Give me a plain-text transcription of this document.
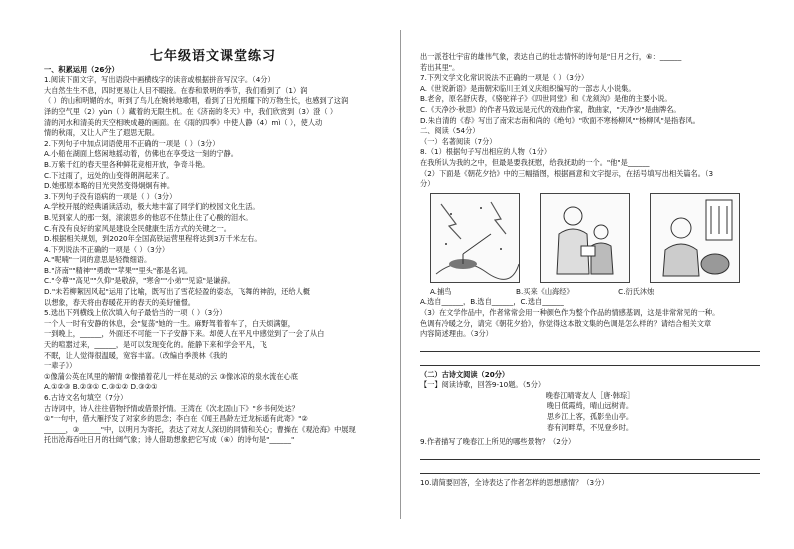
七年级语文课堂练习
一、积累运用（26分）
1.阅读下面文字，写出语段中画横线字的读音或根据拼音写汉字。（4分）
大自然生生不息，四时更易让人目不暇接。在春和景明的季节，我们看到了（1）润
（ ）的山和明媚的水，听到了鸟儿在婉转地歌唱，看到了日光照耀下的万物生长，也感到了这润
泽的空气里（2）yùn（ ）藏着的无限生机。在《济南的冬天》中，我们欣赏到（3）澄（ ）
清的河水和清美的天空相映成趣的画面。在《雨的四季》中使人静（4）mì（ ），使人动
情的秋雨，又让人产生了遐思无限。
2.下列句子中加点词语使用不正确的一项是（ ）（3分）
A.小船在湖面上悠闲地摇动着，仿佛也在享受这一刻的宁静。
B.万紫千红的春天里各种鲜花竞相开放，争奇斗艳。
C.下过雨了，远处的山变得朗润起来了。
D.她那原本略的目光突然变得炯炯有神。
3.下列句子没有语病的一项是（ ）（3分）
A.学校开展的经典诵读活动，极大地丰富了同学们的校园文化生活。
B.见到家人的那一刻，滚滚思乡的他忍不住禁止住了心酸的泪水。
C.有没有良好的家风是建设全民健康生活方式的关键之一。
D.根据相关规划，到2020年全国高铁运营里程将达到3万千米左右。
4.下列说法不正确的一项是（ ）（3分）
A."呢喃"一词的意思是轻微细语。
B."济南""精神""勇敢""苹果""里头"都是名词。
C."令尊""高见""久仰"是敬辞，"寒舍""小弟""见谅"是谦辞。
D."未若柳絮因风起"运用了比喻，既写出了雪花轻盈的姿态，飞舞的神韵，还给人概
以想象，春天将由春暖花开的春天的美好憧憬。
5.选出下列横线上依次填入句子最恰当的一项（ ）（3分）
一个人一时有安静的休息，会"复荡"她的一生。麻野驾着着车了，白天烦满躯，
一到晚上，______，外面还不可能一下子安静下来。却使人在平凡中感觉到了一会了从白
天的喧嚣过来，______，是可以发现变化的。能静下来和学会平凡，飞
不眠，让人觉得很温暖，宽容丰富。（改编自季羡林《我的
一辈子》）
①像蒲公英在风里的解情 ②像描着花儿一样在晃动的云 ③像冰凉的泉水流在心底
A.①②③ B.②③① C.③①② D.③②①
6.古诗文名句填空（7分）
古诗词中，诗人往往借物抒情或借景抒情。王湾在《次北固山下》"乡书何处达？
①"一句中，借大雁抒发了对家乡的思念；李白在《闻王昌龄左迁龙标遥有此寄》"②
______，③______"中，以明月为寄托，表达了对友人深切的同情和关心；曹操在《观沧海》中展现
托出沧海吞吐日月的壮阔气象；诗人借助想象把它写成（⑥）的诗句是"______"
出一派苍壮宇宙的雄伟气象，表达自己的壮志情怀的诗句是"日月之行，⑥：______
若出其里"。
7.下列文学文化常识说法不正确的一项是（ ）（3分）
A.《世说新语》是南朝宋临川王刘义庆组织编写的一部志人小说集。
B.老舍，原名舒庆春，《骆驼祥子》《四世同堂》和《龙须沟》是他的主要小说。
C.《天净沙·秋思》的作者马致远是元代的戏曲作家，散曲家，"天净沙"是曲牌名。
D.朱自清的《春》写出了南宋志南和尚的《绝句》"吹面不寒杨柳风""杨柳风"是指春风。
二、阅读（54分）
（一）名著阅读（7分）
8.（1）根据句子写出相应的人物（1分）
在我所认为我的之中，但最是要我抚慰，给我抚助的一个。"他"是______
（2）下面是《朝花夕拾》中的三幅插图，根据画意和文字提示，在括号填写出相关篇名。（3
分）
A.捕鸟	B.买来《山海经》	C.衍氏沐烛
A.选自______，B.选自______，C.选自______
（3）在文学作品中，作者常常会用一种颜色作为整个作品的情感基调，这是非常常见的一种。
色调有冷暖之分，请完《朝花夕拾》，你觉得这本散文集的色调是怎么样的？请结合相关文章
内容简述理由。（3分）
（二）古诗文阅读（20分）
【一】阅读诗歌，回答9-10题。（5分）
晚春江晴寄友人［唐·韩琮］
晚日低霞绮，晴山远树青。
思乡江上客，孤影坐山亭。
春有河畔草，不见登乡时。
9.作者描写了晚春江上所见的哪些景物？（2分）
10.请简要回答，全诗表达了作者怎样的思想感情？（3分）
